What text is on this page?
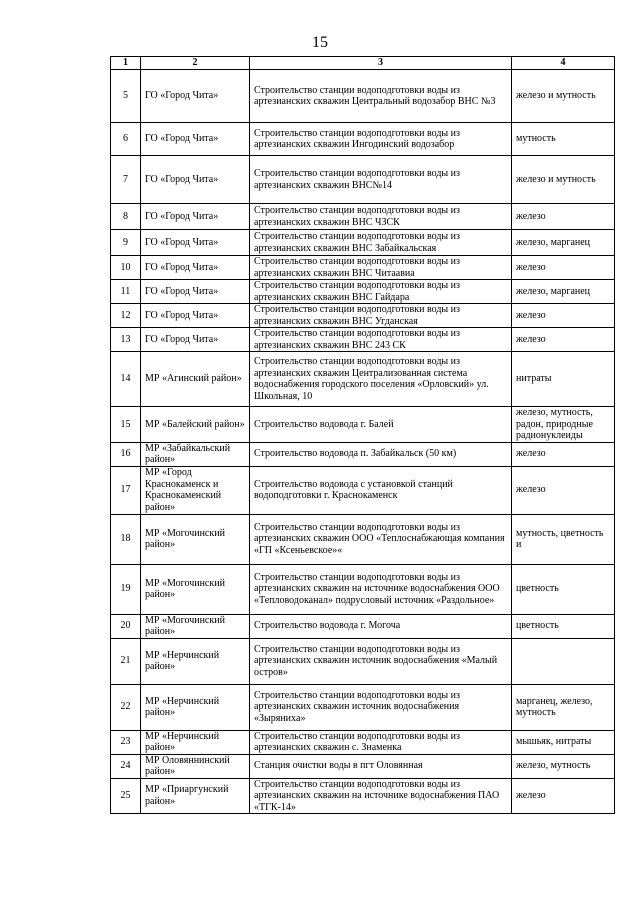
15
1	2	3	4
5	ГО «Город Чита»	Строительство станции водоподготовки воды из артезианских скважин Центральный водозабор ВНС №3	железо и мутность
6	ГО «Город Чита»	Строительство станции водоподготовки воды из артезианских скважин Ингодинский водозабор	мутность
7	ГО «Город Чита»	Строительство станции водоподготовки воды из артезианских скважин ВНС№14	железо и мутность
8	ГО «Город Чита»	Строительство станции водоподготовки воды из артезианских скважин ВНС ЧЗСК	железо
9	ГО «Город Чита»	Строительство станции водоподготовки воды из артезианских скважин ВНС Забайкальская	железо, марганец
10	ГО «Город Чита»	Строительство станции водоподготовки воды из артезианских скважин ВНС Читаавиа	железо
11	ГО «Город Чита»	Строительство станции водоподготовки воды из артезианских скважин ВНС Гайдара	железо, марганец
12	ГО «Город Чита»	Строительство станции водоподготовки воды из артезианских скважин ВНС Угданская	железо
13	ГО «Город Чита»	Строительство станции водоподготовки воды из артезианских скважин ВНС 243 СК	железо
14	МР «Агинский район»	Строительство станции водоподготовки воды из артезианских скважин Централизованная система водоснабжения городского поселения «Орловский» ул. Школьная, 10	нитраты
15	МР «Балейский район»	Строительство водовода г. Балей	железо, мутность, радон, природные радионуклеиды
16	МР «Забайкальский район»	Строительство водовода п. Забайкальск (50 км)	железо
17	МР «Город Краснокаменск и Краснокаменский район»	Строительство водовода с установкой станций водоподготовки г. Краснокаменск	железо
18	МР «Могочинский район»	Строительство станции водоподготовки воды из артезианских скважин ООО «Теплоснабжающая компания «ГП «Ксеньевское»«	мутность, цветность и
19	МР «Могочинский район»	Строительство станции водоподготовки воды из артезианских скважин на источнике водоснабжения ООО «Тепловодоканал» подрусловый источник «Раздольное»	цветность
20	МР «Могочинский район»	Строительство водовода г. Могоча	цветность
21	МР «Нерчинский район»	Строительство станции водоподготовки воды из артезианских скважин источник водоснабжения «Малый остров»	
22	МР «Нерчинский район»	Строительство станции водоподготовки воды из артезианских скважин источник водоснабжения «Зырянихa»	марганец, железо, мутность
23	МР «Нерчинский район»	Строительство станции водоподготовки воды из артезианских скважин с. Знаменка	мышьяк, нитраты
24	МР Оловяннинский район»	Станция очистки воды в пгт Оловянная	железо, мутность
25	МР «Приаргунский район»	Строительство станции водоподготовки воды из артезианских скважин на источнике водоснабжения ПАО «ТГК-14»	железо
